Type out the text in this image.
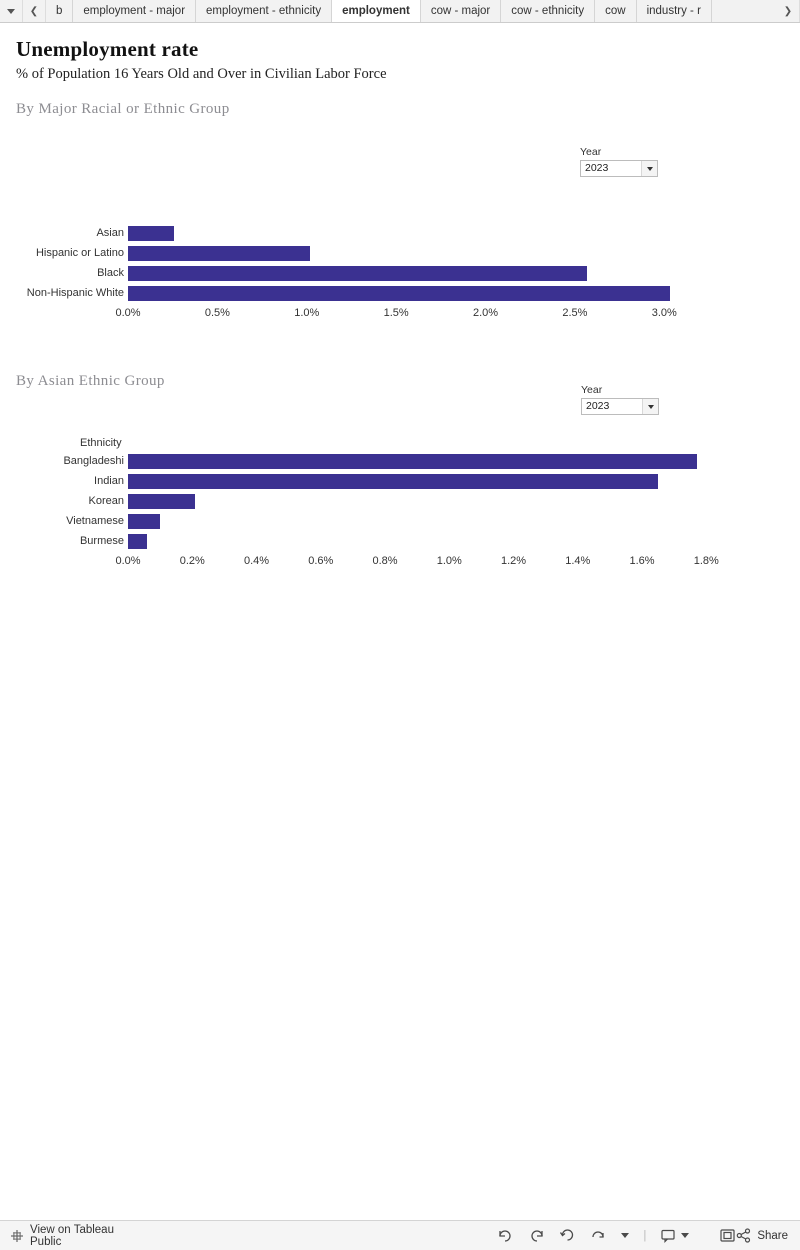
❮	b	employment - major	employment - ethnicity	employment	cow - major	cow - ethnicity	cow	industry - r	❯
Unemployment rate
% of Population 16 Years Old and Over in Civilian Labor Force
By Major Racial or Ethnic Group
Year
2023
Asian
Hispanic or Latino
Black
Non-Hispanic White
0.0%	0.5%	1.0%	1.5%	2.0%	2.5%	3.0%
By Asian Ethnic Group
Year
2023
Ethnicity
Bangladeshi
Indian
Korean
Vietnamese
Burmese
0.0%	0.2%	0.4%	0.6%	0.8%	1.0%	1.2%	1.4%	1.6%	1.8%
View on Tableau Public	|	Share
